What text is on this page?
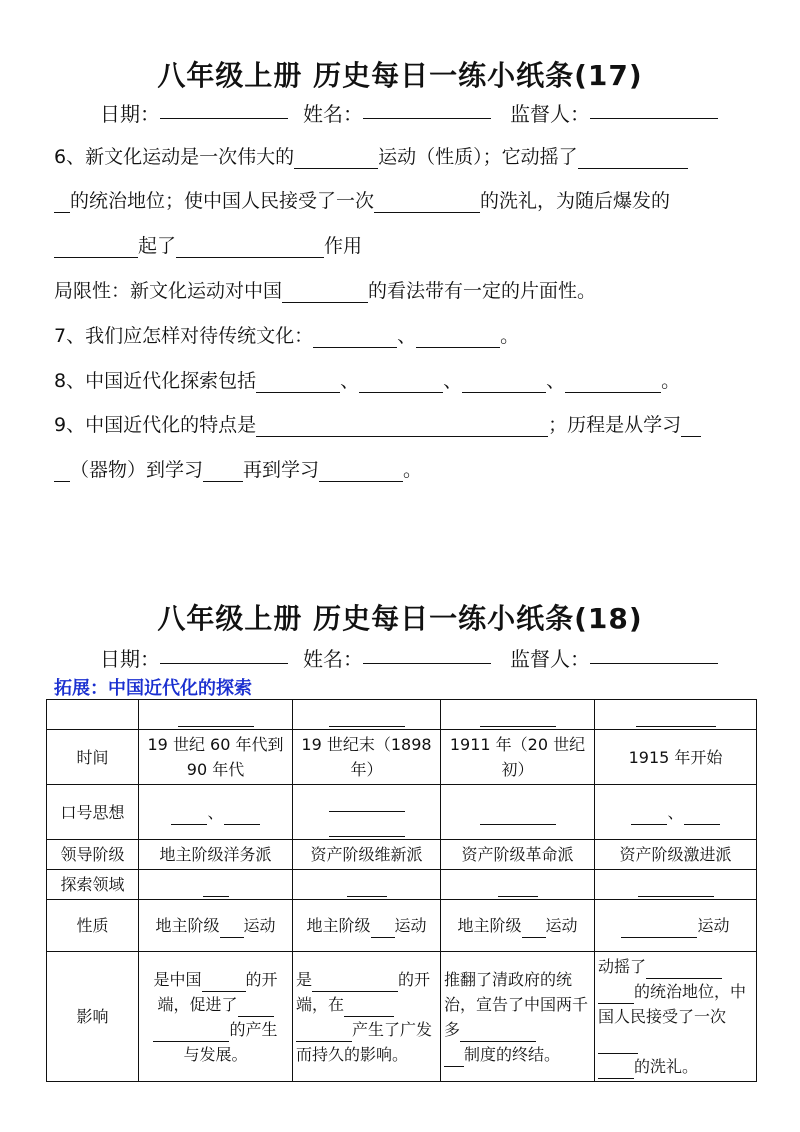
八年级上册 历史每日一练小纸条(17)
日期：	姓名：	监督人：
6、新文化运动是一次伟大的	运动（性质）；它动摇了
的统治地位；使中国人民接受了一次	的洗礼，为随后爆发的
起了	作用
局限性：新文化运动对中国	的看法带有一定的片面性。
7、我们应怎样对待传统文化：	、	。
8、中国近代化探索包括	、	、	、	。
9、中国近代化的特点是	；历程是从学习
（器物）到学习 再到学习	。
八年级上册 历史每日一练小纸条(18)
日期：	姓名：	监督人：
拓展：中国近代化的探索

时间	19 世纪 60 年代到 90 年代	19 世纪末（1898 年）	1911 年（20 世纪初）	1915 年开始
口号思想	、			、
领导阶级	地主阶级洋务派	资产阶级维新派	资产阶级革命派	资产阶级激进派
探索领域				
性质	地主阶级 运动	地主阶级 运动	地主阶级 运动	运动
影响	是中国 的开端，促进了
的产生
与发展。	是 的开端，在
产生了广发而持久的影响。	推翻了清政府的统治，宣告了中国两千多
制度的终结。	动摇了
的统治地位，中国人民接受了一次
的洗礼。
